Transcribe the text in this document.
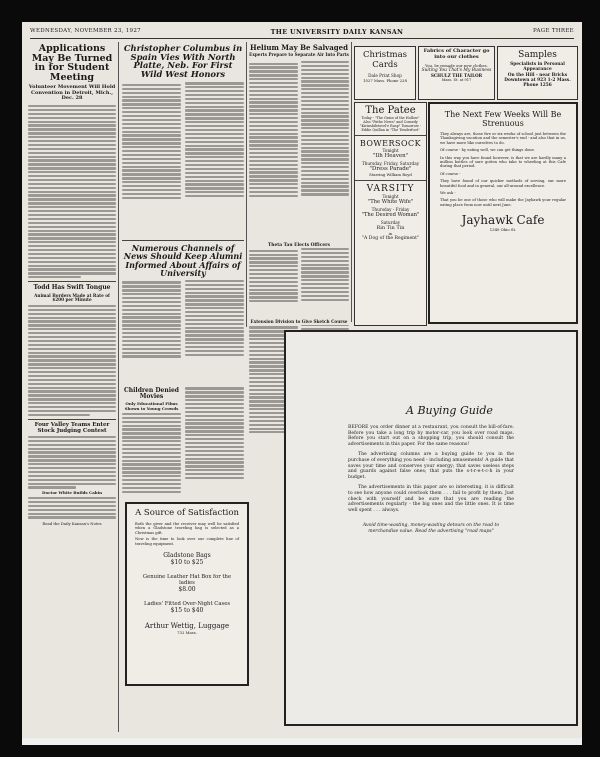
WEDNESDAY, NOVEMBER 23, 1927	THE UNIVERSITY DAILY KANSAN	PAGE THREE
Applications May Be Turned in for Student Meeting
Volunteer Movement Will Hold Convention in Detroit, Mich., Dec. 28
Todd Has Swift Tongue
Animal Borders Made at Rate of $200 per Minute
Four Valley Teams Enter Stock Judging Contest
Doctor White Builds Cabin
Read the Daily Kansan's Notes
Christopher Columbus in Spain Vies With North Platte, Neb. For First Wild West Honors
Numerous Channels of News Should Keep Alumni Informed About Affairs of University
Children Denied Movies
Only Educational Films Shown to Young Crowds
Helium May Be Salvaged
Experts Prepare to Separate Air Into Parts
Theta Tau Elects Officers
Extension Division to Give Sketch Course
Christmas Cards
Dale Print Shop
1027 Mass. Phone 228
Fabrics of Character go into our clothes
You, be remade our new clothes.
Suiting You That's My Business
SCHULZ THE TAILOR
Mass. St. at 917
Samples
Specialists in Personal Appearance
On the Hill - near Bricks Downtown at 923 1-2 Mass.
Phone 1256
The Patee
Today - "The Grain of the Hollow" Also "Pathe News" and Comedy "Kirinsbiletsvel'e Rasp" Tomorrow - Eddie Quillan in "The Tenderfoot"
BOWERSOCK
Tonight
"Ilh Heaven"
Thursday, Friday, Saturday
"Dress Parade"
Starring William Boyd
VARSITY
Tonight
"The White Wife"
Thursday - Friday
"The Desired Woman"
Saturday
Rin Tin Tin
in
"A Dog of the Regiment"
The Next Few Weeks Will Be Strenuous

They always are, those five or six weeks of school just between the Thanksgiving vacation and the semester's end - and also that in us, we have more like ourselves to do.

Of course - by eating well, we can get things done.

In this way you have found however, is that we are hardly many a million bottles of sure gotten who take to wheeling at this Cafe during that period.

Of course -

They have found of our quicker methods of serving, our more beautiful food and in general, our all-around excellence.

We ask -

That you be one of those who will make the Jayhawk your regular eating place from now until next June.

Jayhawk Cafe
1340 Ohio St.
A Source of Satisfaction

Both the giver and the receiver may well be satisfied when a Gladstone traveling bag is selected as a Christmas gift.

Now is the time to look over our complete line of traveling equipment.

Gladstone Bags
$10 to $25
Genuine Leather Hat Box for the ladies
$8.00
Ladies' Fitted Over-Night Cases
$15 to $40
Arthur Wettig, Luggage
732 Mass.
A Buying Guide

BEFORE you order dinner at a restaurant, you consult the bill-of-fare. Before you take a long trip by motor-car, you look over road maps. Before you start out on a shopping trip, you should consult the advertisements in this paper. For the same reasons!

The advertising columns are a buying guide to you in the purchase of everything you need - including amusements! A guide that saves your time and conserves your energy; that saves useless steps and guards against false ones; that puts the s-t-r-e-t-c-h in your budget.

The advertisements in this paper are so interesting, it is difficult to see how anyone could overlook them . . . fail to profit by them. Just check with yourself and be sure that you are reading the advertisements regularly - the big ones and the little ones. It is time well spent . . . always.

Avoid time-wasting, money-wasting detours on the road to merchandise value. Read the advertising "road maps"
